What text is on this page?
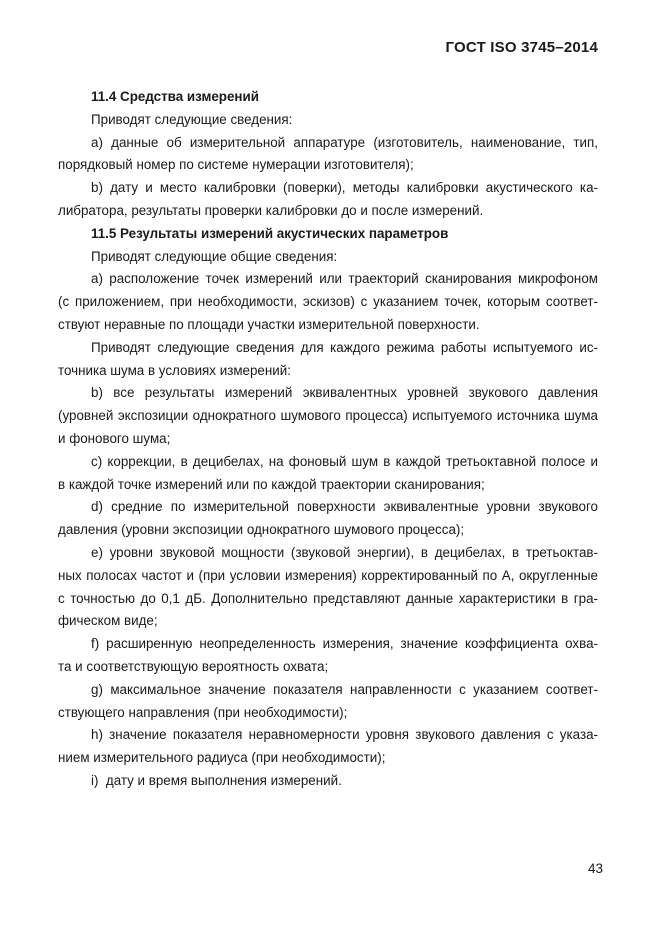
ГОСТ ISO 3745–2014
11.4 Средства измерений
Приводят следующие сведения:
а) данные об измерительной аппаратуре (изготовитель, наименование, тип,
порядковый номер по системе нумерации изготовителя);
b) дату и место калибровки (поверки), методы калибровки акустического ка-
либратора, результаты проверки калибровки до и после измерений.
11.5 Результаты измерений акустических параметров
Приводят следующие общие сведения:
а) расположение точек измерений или траекторий сканирования микрофоном
(с приложением, при необходимости, эскизов) с указанием точек, которым соответ-
ствуют неравные по площади участки измерительной поверхности.
Приводят следующие сведения для каждого режима работы испытуемого ис-
точника шума в условиях измерений:
b) все результаты измерений эквивалентных уровней звукового давления
(уровней экспозиции однократного шумового процесса) испытуемого источника шума
и фонового шума;
c) коррекции, в децибелах, на фоновый шум в каждой третьоктавной полосе и
в каждой точке измерений или по каждой траектории сканирования;
d) средние по измерительной поверхности эквивалентные уровни звукового
давления (уровни экспозиции однократного шумового процесса);
e) уровни звуковой мощности (звуковой энергии), в децибелах, в третьоктав-
ных полосах частот и (при условии измерения) корректированный по A, округленные
с точностью до 0,1 дБ. Дополнительно представляют данные характеристики в гра-
фическом виде;
f) расширенную неопределенность измерения, значение коэффициента охва-
та и соответствующую вероятность охвата;
g) максимальное значение показателя направленности с указанием соответ-
ствующего направления (при необходимости);
h) значение показателя неравномерности уровня звукового давления с указа-
нием измерительного радиуса (при необходимости);
i)  дату и время выполнения измерений.
43
